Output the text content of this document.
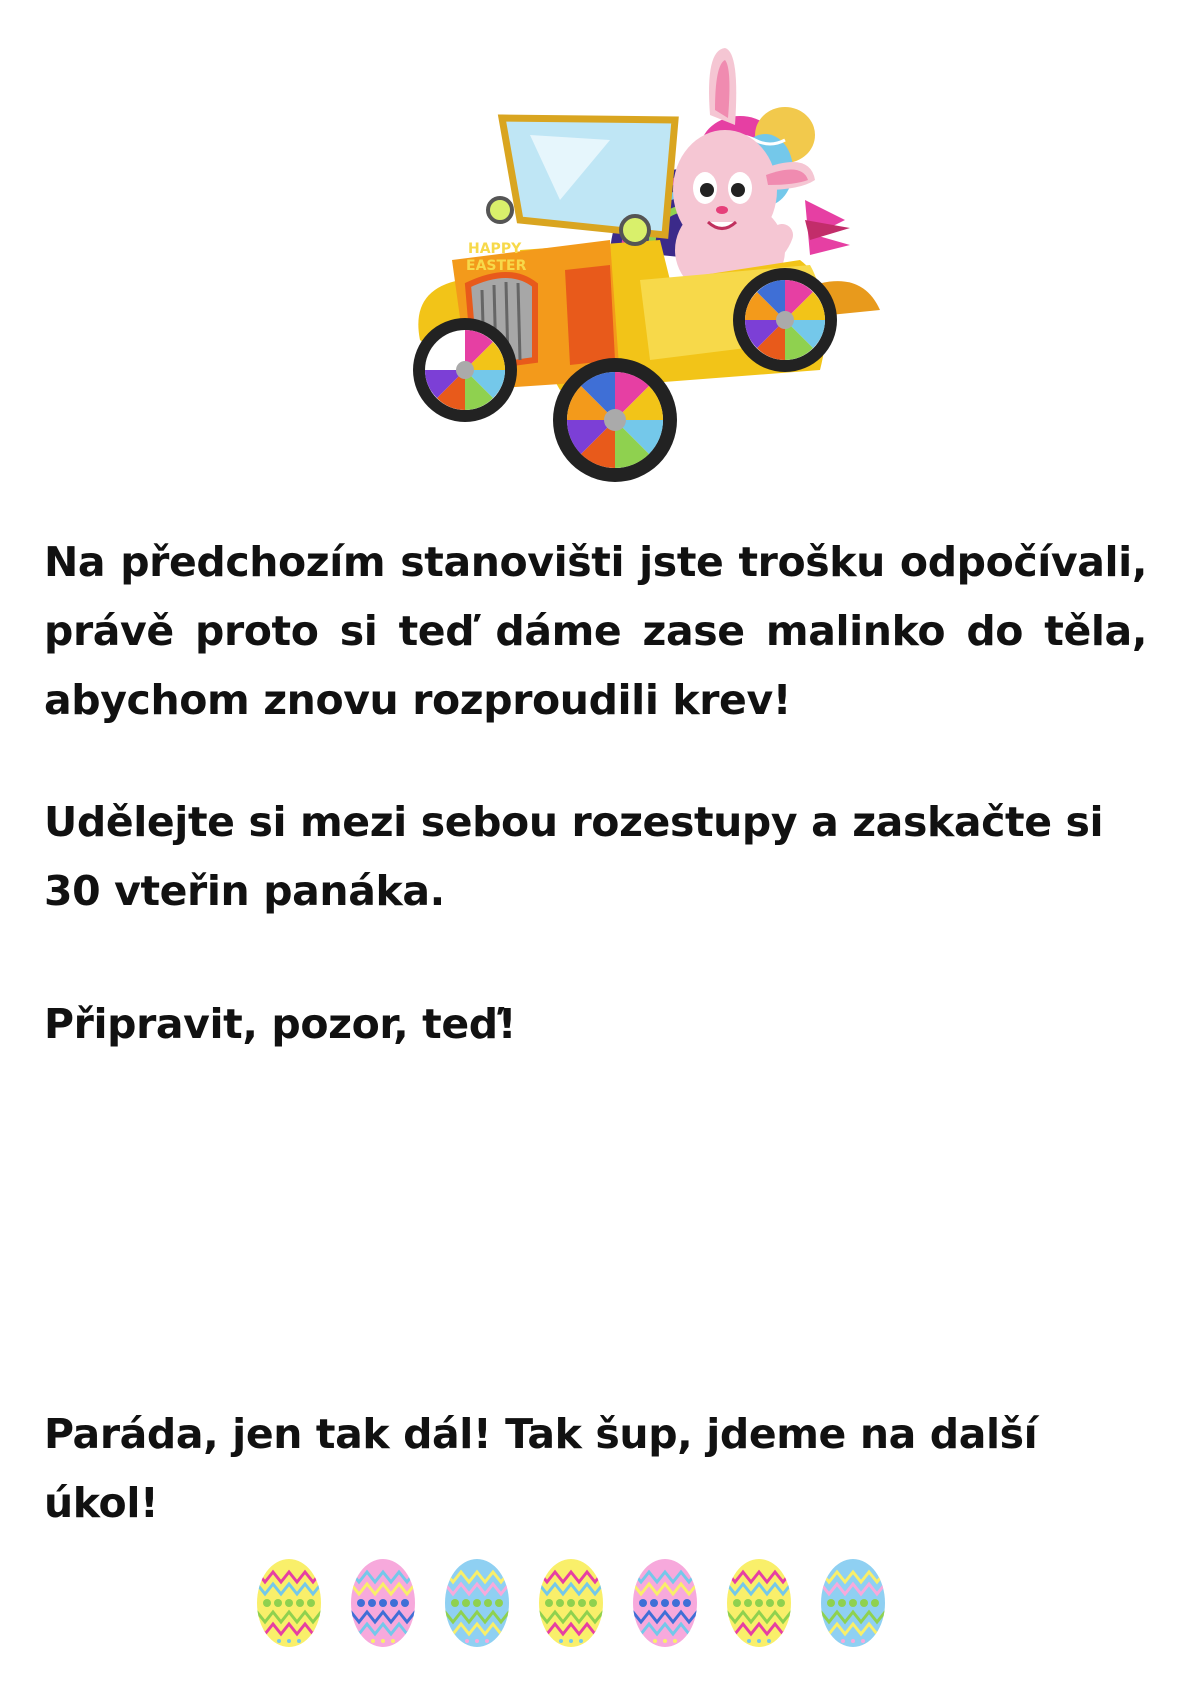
HAPPY
EASTER

Na předchozím stanovišti jste trošku odpočívali, právě proto si teď dáme zase malinko do těla, abychom znovu rozproudili krev!

Udělejte si mezi sebou rozestupy a zaskačte si 30 vteřin panáka.

Připravit, pozor, teď!

Paráda, jen tak dál! Tak šup, jdeme na další úkol!
